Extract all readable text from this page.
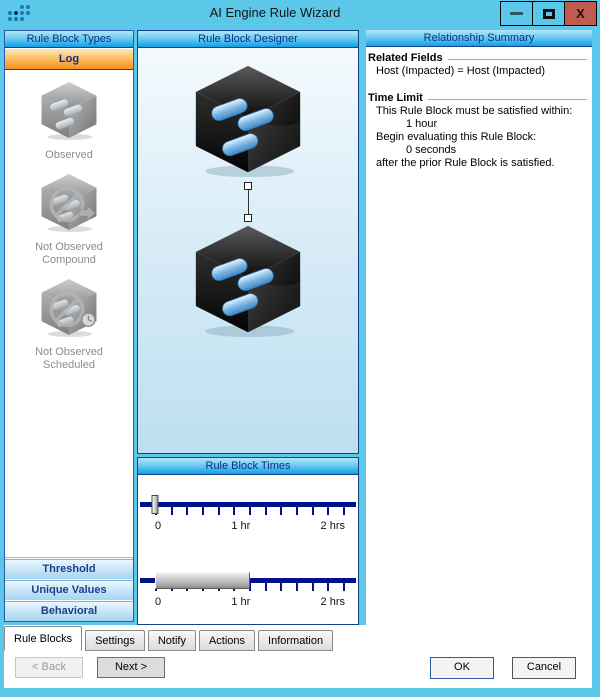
AI Engine Rule Wizard	X
Rule Block Types
Log
Observed
Not Observed Compound
Not Observed Scheduled
Threshold
Unique Values
Behavioral
Rule Block Designer
Rule Block Times
0	1 hr	2 hrs
0	1 hr	2 hrs
Relationship Summary
Related Fields
Host (Impacted) = Host (Impacted)
Time Limit
This Rule Block must be satisfied within:
1 hour
Begin evaluating this Rule Block:
0 seconds
after the prior Rule Block is satisfied.
Rule Blocks	Settings	Notify	Actions	Information
< Back	Next >	OK	Cancel
